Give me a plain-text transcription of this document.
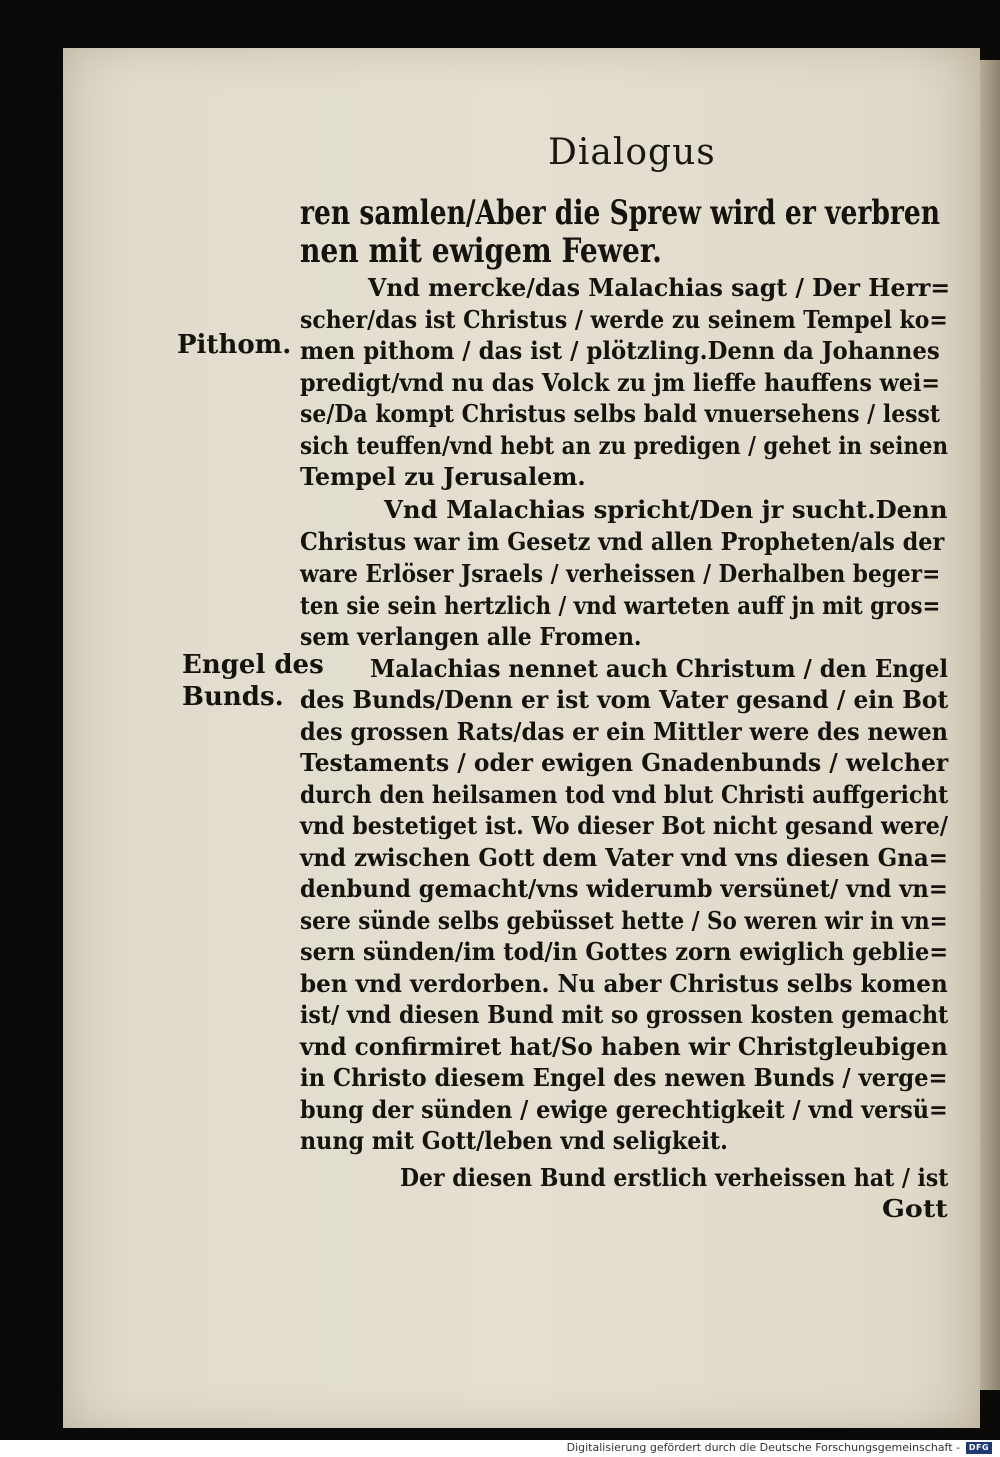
Dialogus
Pithom.
Engel des
Bunds.
ren samlen/Aber die Sprew wird er verbren
nen mit ewigem Fewer.
Vnd mercke/das Malachias sagt / Der Herr=
scher/das ist Christus / werde zu seinem Tempel ko=
men pithom / das ist / plötzling.Denn da Johannes
predigt/vnd nu das Volck zu jm lieffe hauffens wei=
se/Da kompt Christus selbs bald vnuersehens / lesst
sich teuffen/vnd hebt an zu predigen / gehet in seinen
Tempel zu Jerusalem.
Vnd Malachias spricht/Den jr sucht.Denn
Christus war im Gesetz vnd allen Propheten/als der
ware Erlöser Jsraels / verheissen / Derhalben beger=
ten sie sein hertzlich / vnd warteten auff jn mit gros=
sem verlangen alle Fromen.
Malachias nennet auch Christum / den Engel
des Bunds/Denn er ist vom Vater gesand / ein Bot
des grossen Rats/das er ein Mittler were des newen
Testaments / oder ewigen Gnadenbunds / welcher
durch den heilsamen tod vnd blut Christi auffgericht
vnd bestetiget ist. Wo dieser Bot nicht gesand were/
vnd zwischen Gott dem Vater vnd vns diesen Gna=
denbund gemacht/vns widerumb versünet/ vnd vn=
sere sünde selbs gebüsset hette / So weren wir in vn=
sern sünden/im tod/in Gottes zorn ewiglich geblie=
ben vnd verdorben. Nu aber Christus selbs komen
ist/ vnd diesen Bund mit so grossen kosten gemacht
vnd confirmiret hat/So haben wir Christgleubigen
in Christo diesem Engel des newen Bunds / verge=
bung der sünden / ewige gerechtigkeit / vnd versü=
nung mit Gott/leben vnd seligkeit.
Der diesen Bund erstlich verheissen hat / ist
Gott
Digitalisierung gefördert durch die Deutsche Forschungsgemeinschaft -	DFG
